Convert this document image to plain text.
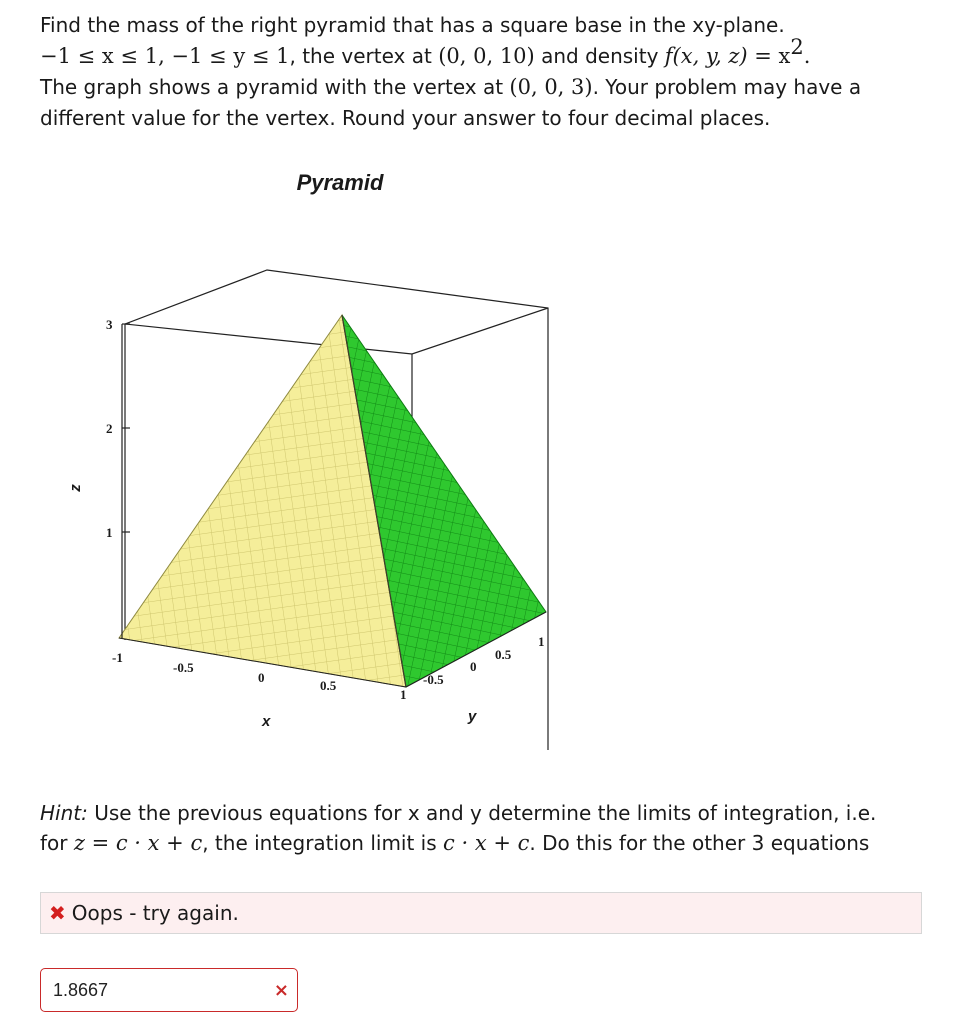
Find the mass of the right pyramid that has a square base in the xy-plane.
−1 ≤ x ≤ 1, −1 ≤ y ≤ 1, the vertex at (0, 0, 10) and density f(x, y, $z) = x^2$.
The graph shows a pyramid with the vertex at (0, 0, 3). Your problem may have a
different value for the vertex. Round your answer to four decimal places.
Pyramid
3
2
1
z
-1
-0.5
0
0.5
1
x
-0.5
0
0.5
1
y
Hint: Use the previous equations for x and y determine the limits of integration, i.e.
for z = c · x + c, the integration limit is c · x + c. Do this for the other 3 equations
✖ Oops - try again.
1.8667
×
